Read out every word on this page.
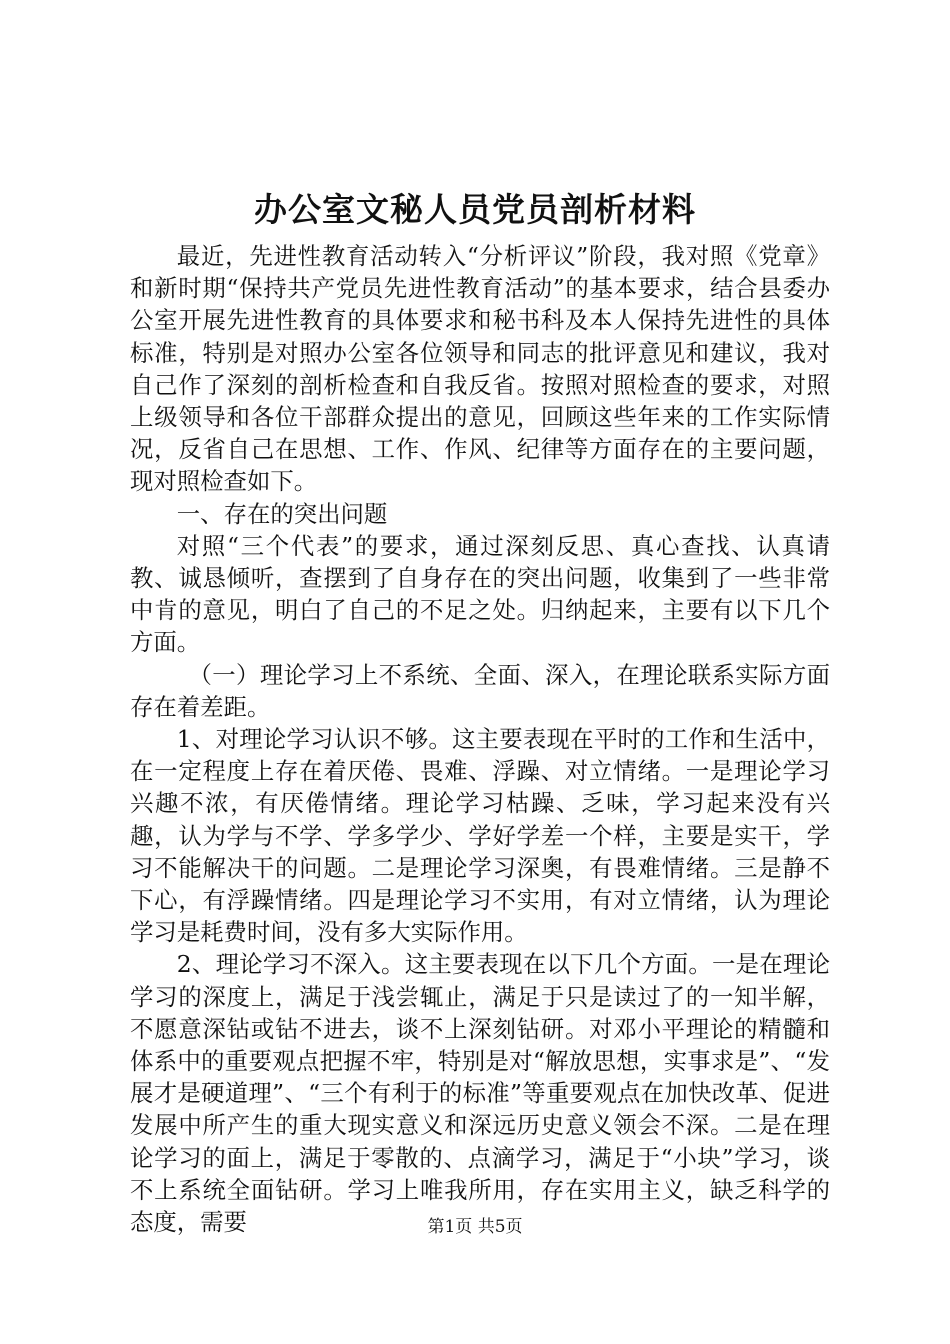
办公室文秘人员党员剖析材料

最近，先进性教育活动转入“分析评议”阶段，我对照《党章》和新时期“保持共产党员先进性教育活动”的基本要求，结合县委办公室开展先进性教育的具体要求和秘书科及本人保持先进性的具体标准，特别是对照办公室各位领导和同志的批评意见和建议，我对自己作了深刻的剖析检查和自我反省。按照对照检查的要求，对照上级领导和各位干部群众提出的意见，回顾这些年来的工作实际情况，反省自己在思想、工作、作风、纪律等方面存在的主要问题，现对照检查如下。

一、存在的突出问题

对照“三个代表”的要求，通过深刻反思、真心查找、认真请教、诚恳倾听，查摆到了自身存在的突出问题，收集到了一些非常中肯的意见，明白了自己的不足之处。归纳起来，主要有以下几个方面。

（一）理论学习上不系统、全面、深入，在理论联系实际方面存在着差距。

1、对理论学习认识不够。这主要表现在平时的工作和生活中，在一定程度上存在着厌倦、畏难、浮躁、对立情绪。一是理论学习兴趣不浓，有厌倦情绪。理论学习枯躁、乏味，学习起来没有兴趣，认为学与不学、学多学少、学好学差一个样，主要是实干，学习不能解决干的问题。二是理论学习深奥，有畏难情绪。三是静不下心，有浮躁情绪。四是理论学习不实用，有对立情绪，认为理论学习是耗费时间，没有多大实际作用。

2、理论学习不深入。这主要表现在以下几个方面。一是在理论学习的深度上，满足于浅尝辄止，满足于只是读过了的一知半解，不愿意深钻或钻不进去，谈不上深刻钻研。对邓小平理论的精髓和体系中的重要观点把握不牢，特别是对“解放思想，实事求是”、“发展才是硬道理”、“三个有利于的标准”等重要观点在加快改革、促进发展中所产生的重大现实意义和深远历史意义领会不深。二是在理论学习的面上，满足于零散的、点滴学习，满足于“小块”学习，谈不上系统全面钻研。学习上唯我所用，存在实用主义，缺乏科学的态度，需要	第1页 共5页
